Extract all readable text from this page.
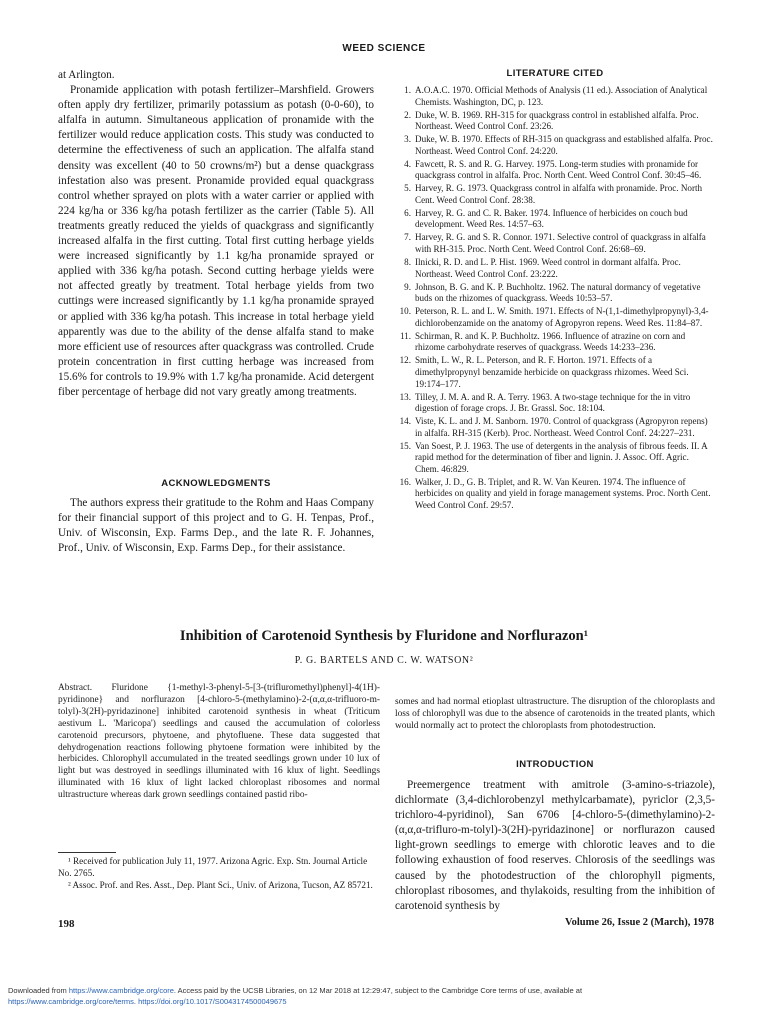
WEED SCIENCE

at Arlington.

Pronamide application with potash fertilizer–Marshfield. Growers often apply dry fertilizer, primarily potassium as potash (0-0-60), to alfalfa in autumn. Simultaneous application of pronamide with the fertilizer would reduce application costs. This study was conducted to determine the effectiveness of such an application. The alfalfa stand density was excellent (40 to 50 crowns/m²) but a dense quackgrass infestation also was present. Pronamide provided equal quackgrass control whether sprayed on plots with a water carrier or applied with 224 kg/ha or 336 kg/ha potash fertilizer as the carrier (Table 5). All treatments greatly reduced the yields of quackgrass and significantly increased alfalfa in the first cutting. Total first cutting herbage yields were increased significantly by 1.1 kg/ha pronamide sprayed or applied with 336 kg/ha potash. Second cutting herbage yields were not affected greatly by treatment. Total herbage yields from two cuttings were increased significantly by 1.1 kg/ha pronamide sprayed or applied with 336 kg/ha potash. This increase in total herbage yield apparently was due to the ability of the dense alfalfa stand to make more efficient use of resources after quackgrass was controlled. Crude protein concentration in first cutting herbage was increased from 15.6% for controls to 19.9% with 1.7 kg/ha pronamide. Acid detergent fiber percentage of herbage did not vary greatly among treatments.

ACKNOWLEDGMENTS

The authors express their gratitude to the Rohm and Haas Company for their financial support of this project and to G. H. Tenpas, Prof., Univ. of Wisconsin, Exp. Farms Dep., and the late R. F. Johannes, Prof., Univ. of Wisconsin, Exp. Farms Dep., for their assistance.

LITERATURE CITED
1. A.O.A.C. 1970. Official Methods of Analysis (11 ed.). Association of Analytical Chemists. Washington, DC, p. 123.
2. Duke, W. B. 1969. RH-315 for quackgrass control in established alfalfa. Proc. Northeast. Weed Control Conf. 23:26.
3. Duke, W. B. 1970. Effects of RH-315 on quackgrass and established alfalfa. Proc. Northeast. Weed Control Conf. 24:220.
4. Fawcett, R. S. and R. G. Harvey. 1975. Long-term studies with pronamide for quackgrass control in alfalfa. Proc. North Cent. Weed Control Conf. 30:45–46.
5. Harvey, R. G. 1973. Quackgrass control in alfalfa with pronamide. Proc. North Cent. Weed Control Conf. 28:38.
6. Harvey, R. G. and C. R. Baker. 1974. Influence of herbicides on couch bud development. Weed Res. 14:57–63.
7. Harvey, R. G. and S. R. Connor. 1971. Selective control of quackgrass in alfalfa with RH-315. Proc. North Cent. Weed Control Conf. 26:68–69.
8. Ilnicki, R. D. and L. P. Hist. 1969. Weed control in dormant alfalfa. Proc. Northeast. Weed Control Conf. 23:222.
9. Johnson, B. G. and K. P. Buchholtz. 1962. The natural dormancy of vegetative buds on the rhizomes of quackgrass. Weeds 10:53–57.
10. Peterson, R. L. and L. W. Smith. 1971. Effects of N-(1,1-dimethylpropynyl)-3,4-dichlorobenzamide on the anatomy of Agropyron repens. Weed Res. 11:84–87.
11. Schirman, R. and K. P. Buchholtz. 1966. Influence of atrazine on corn and rhizome carbohydrate reserves of quackgrass. Weeds 14:233–236.
12. Smith, L. W., R. L. Peterson, and R. F. Horton. 1971. Effects of a dimethylpropynyl benzamide herbicide on quackgrass rhizomes. Weed Sci. 19:174–177.
13. Tilley, J. M. A. and R. A. Terry. 1963. A two-stage technique for the in vitro digestion of forage crops. J. Br. Grassl. Soc. 18:104.
14. Viste, K. L. and J. M. Sanborn. 1970. Control of quackgrass (Agropyron repens) in alfalfa. RH-315 (Kerb). Proc. Northeast. Weed Control Conf. 24:227–231.
15. Van Soest, P. J. 1963. The use of detergents in the analysis of fibrous feeds. II. A rapid method for the determination of fiber and lignin. J. Assoc. Off. Agric. Chem. 46:829.
16. Walker, J. D., G. B. Triplet, and R. W. Van Keuren. 1974. The influence of herbicides on quality and yield in forage management systems. Proc. North Cent. Weed Control Conf. 29:57.
Inhibition of Carotenoid Synthesis by Fluridone and Norflurazon¹
P. G. BARTELS AND C. W. WATSON²

Abstract. Fluridone {1-methyl-3-phenyl-5-[3-(trifluromethyl)phenyl]-4(1H)-pyridinone} and norflurazon [4-chloro-5-(methylamino)-2-(α,α,α-trifluoro-m-tolyl)-3(2H)-pyridazinone] inhibited carotenoid synthesis in wheat (Triticum aestivum L. 'Maricopa') seedlings and caused the accumulation of colorless carotenoid precursors, phytoene, and phytofluene. These data suggested that dehydrogenation reactions following phytoene formation were inhibited by the herbicides. Chlorophyll accumulated in the treated seedlings grown under 10 lux of light but was destroyed in seedlings illuminated with 16 klux of light. Seedlings illuminated with 16 klux of light lacked chloroplast ribosomes and normal ultrastructure whereas dark grown seedlings contained pastid ribo-

somes and had normal etioplast ultrastructure. The disruption of the chloroplasts and loss of chlorophyll was due to the absence of carotenoids in the treated plants, which would normally act to protect the chloroplasts from photodestruction.

INTRODUCTION

Preemergence treatment with amitrole (3-amino-s-triazole), dichlormate (3,4-dichlorobenzyl methylcarbamate), pyriclor (2,3,5-trichloro-4-pyridinol), San 6706 [4-chloro-5-(dimethylamino)-2-(α,α,α-trifluro-m-tolyl)-3(2H)-pyridazinone] or norflurazon caused light-grown seedlings to emerge with chlorotic leaves and to die following exhaustion of food reserves. Chlorosis of the seedlings was caused by the photodestruction of the chlorophyll pigments, chloroplast ribosomes, and thylakoids, resulting from the inhibition of carotenoid synthesis by

¹ Received for publication July 11, 1977. Arizona Agric. Exp. Stn. Journal Article No. 2765.

² Assoc. Prof. and Res. Asst., Dep. Plant Sci., Univ. of Arizona, Tucson, AZ 85721.

198	Volume 26, Issue 2 (March), 1978
Downloaded from https://www.cambridge.org/core. Access paid by the UCSB Libraries, on 12 Mar 2018 at 12:29:47, subject to the Cambridge Core terms of use, available at
https://www.cambridge.org/core/terms. https://doi.org/10.1017/S0043174500049675
